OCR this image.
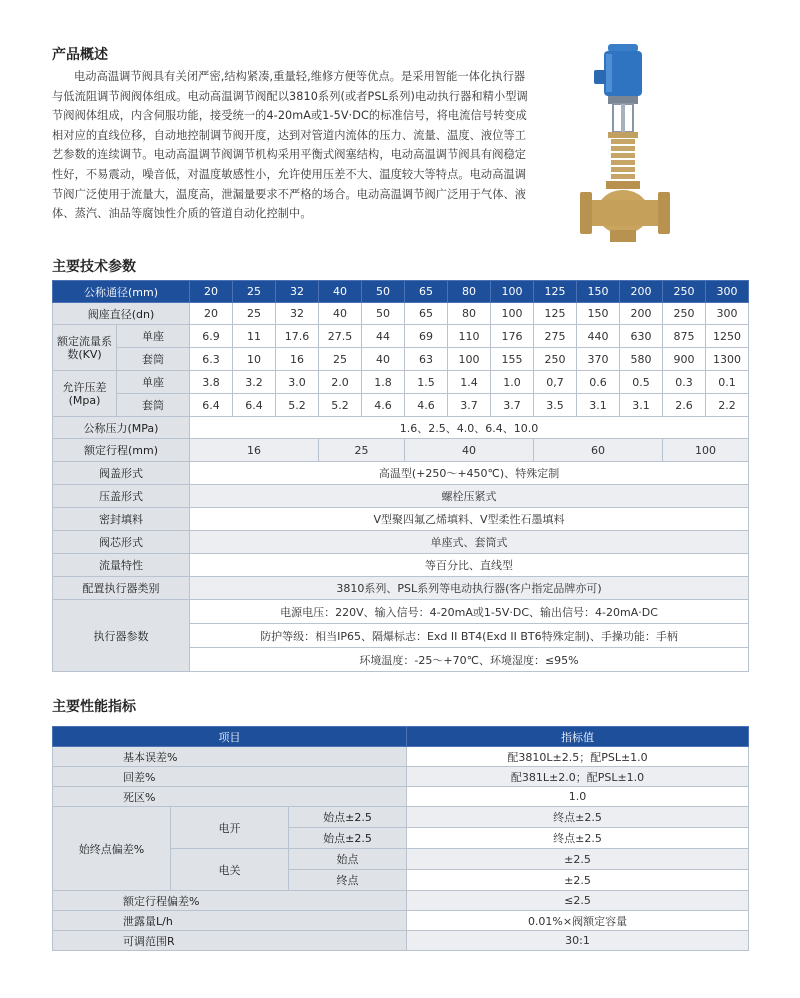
产品概述
电动高温调节阀具有关闭严密,结构紧凑,重量轻,维修方便等优点。是采用智能一体化执行器与低流阻调节阀阀体组成。电动高温调节阀配以3810系列(或者PSL系列)电动执行器和精小型调节阀阀体组成，内含伺服功能，接受统一的4-20mA或1-5V·DC的标准信号，将电流信号转变成相对应的直线位移，自动地控制调节阀开度，达到对管道内流体的压力、流量、温度、液位等工艺参数的连续调节。电动高温调节阀调节机构采用平衡式阀塞结构，电动高温调节阀具有阀稳定性好，不易震动，噪音低，对温度敏感性小，允许使用压差不大、温度较大等特点。电动高温调节阀广泛使用于流量大，温度高，泄漏量要求不严格的场合。电动高温调节阀广泛用于气体、液体、蒸汽、油品等腐蚀性介质的管道自动化控制中。
主要技术参数
公称通径(mm)		20	25	32	40	50	65	80	100	125	150	200	250	300
阀座直径(dn)		20	25	32	40	50	65	80	100	125	150	200	250	300
额定流量系数(KV)	单座	6.9	11	17.6	27.5	44	69	110	176	275	440	630	875	1250
	套筒	6.3	10	16	25	40	63	100	155	250	370	580	900	1300
允许压差(Mpa)	单座	3.8	3.2	3.0	2.0	1.8	1.5	1.4	1.0	0,7	0.6	0.5	0.3	0.1
	套筒	6.4	6.4	5.2	5.2	4.6	4.6	3.7	3.7	3.5	3.1	3.1	2.6	2.2
公称压力(MPa)		1.6、2.5、4.0、6.4、10.0												
额定行程(mm)		16			25		40			60			100	
阀盖形式		高温型(+250～+450℃)、特殊定制												
压盖形式		螺栓压紧式												
密封填料		V型聚四氟乙烯填料、V型柔性石墨填料												
阀芯形式		单座式、套筒式												
流量特性		等百分比、直线型												
配置执行器类别		3810系列、PSL系列等电动执行器(客户指定品牌亦可)												
执行器参数		电源电压：220V、输入信号：4-20mA或1-5V·DC、输出信号：4-20mA·DC												
		防护等级：相当IP65、隔爆标志：Exd II BT4(Exd II BT6特殊定制)、手操功能：手柄												
		环境温度：-25～+70℃、环境湿度：≤95%												
主要性能指标
项目			指标值
基本误差%			配3810L±2.5；配PSL±1.0
回差%			配381L±2.0；配PSL±1.0
死区%			1.0
始终点偏差%	电开	始点±2.5	终点±2.5
		始点±2.5	终点±2.5
	电关	始点	±2.5
		终点	±2.5
额定行程偏差%			≤2.5
泄露量L/h			0.01%×阀额定容量
可调范围R			30:1
